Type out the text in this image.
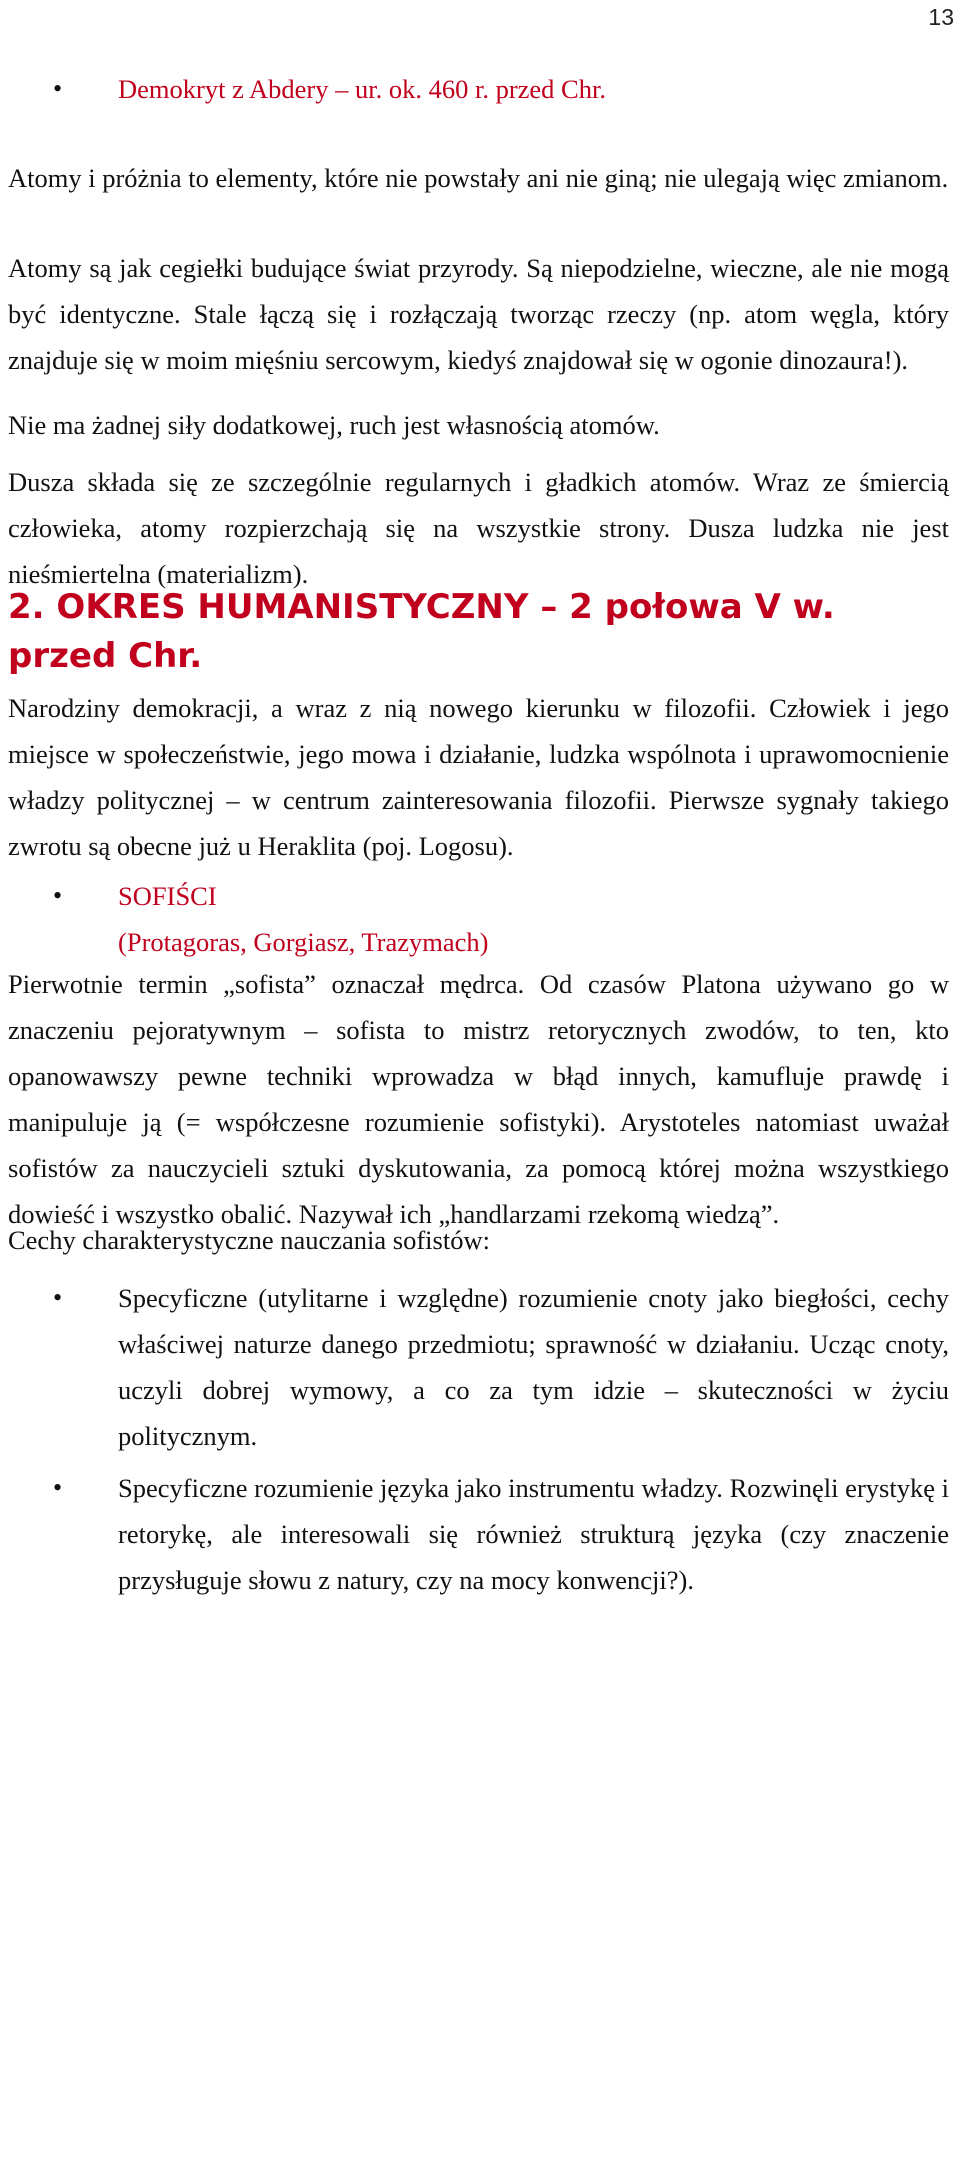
13
• Demokryt z Abdery – ur. ok. 460 r. przed Chr.

Atomy i próżnia to elementy, które nie powstały ani nie giną; nie ulegają więc zmianom.

Atomy są jak cegiełki budujące świat przyrody. Są niepodzielne, wieczne, ale nie mogą być identyczne. Stale łączą się i rozłączają tworząc rzeczy (np. atom węgla, który znajduje się w moim mięśniu sercowym, kiedyś znajdował się w ogonie dinozaura!).

Nie ma żadnej siły dodatkowej, ruch jest własnością atomów.

Dusza składa się ze szczególnie regularnych i gładkich atomów. Wraz ze śmiercią człowieka, atomy rozpierzchają się na wszystkie strony. Dusza ludzka nie jest nieśmiertelna (materializm).

2. OKRES HUMANISTYCZNY – 2 połowa V w. przed Chr.

Narodziny demokracji, a wraz z nią nowego kierunku w filozofii. Człowiek i jego miejsce w społeczeństwie, jego mowa i działanie, ludzka wspólnota i uprawomocnienie władzy politycznej – w centrum zainteresowania filozofii. Pierwsze sygnały takiego zwrotu są obecne już u Heraklita (poj. Logosu).

• SOFIŚCI
(Protagoras, Gorgiasz, Trazymach)

Pierwotnie termin „sofista” oznaczał mędrca. Od czasów Platona używano go w znaczeniu pejoratywnym – sofista to mistrz retorycznych zwodów, to ten, kto opanowawszy pewne techniki wprowadza w błąd innych, kamufluje prawdę i manipuluje ją (= współczesne rozumienie sofistyki). Arystoteles natomiast uważał sofistów za nauczycieli sztuki dyskutowania, za pomocą której można wszystkiego dowieść i wszystko obalić. Nazywał ich „handlarzami rzekomą wiedzą”.

Cechy charakterystyczne nauczania sofistów:

• Specyficzne (utylitarne i względne) rozumienie cnoty jako biegłości, cechy właściwej naturze danego przedmiotu; sprawność w działaniu. Ucząc cnoty, uczyli dobrej wymowy, a co za tym idzie – skuteczności w życiu politycznym.
• Specyficzne rozumienie języka jako instrumentu władzy. Rozwinęli erystykę i retorykę, ale interesowali się również strukturą języka (czy znaczenie przysługuje słowu z natury, czy na mocy konwencji?).
